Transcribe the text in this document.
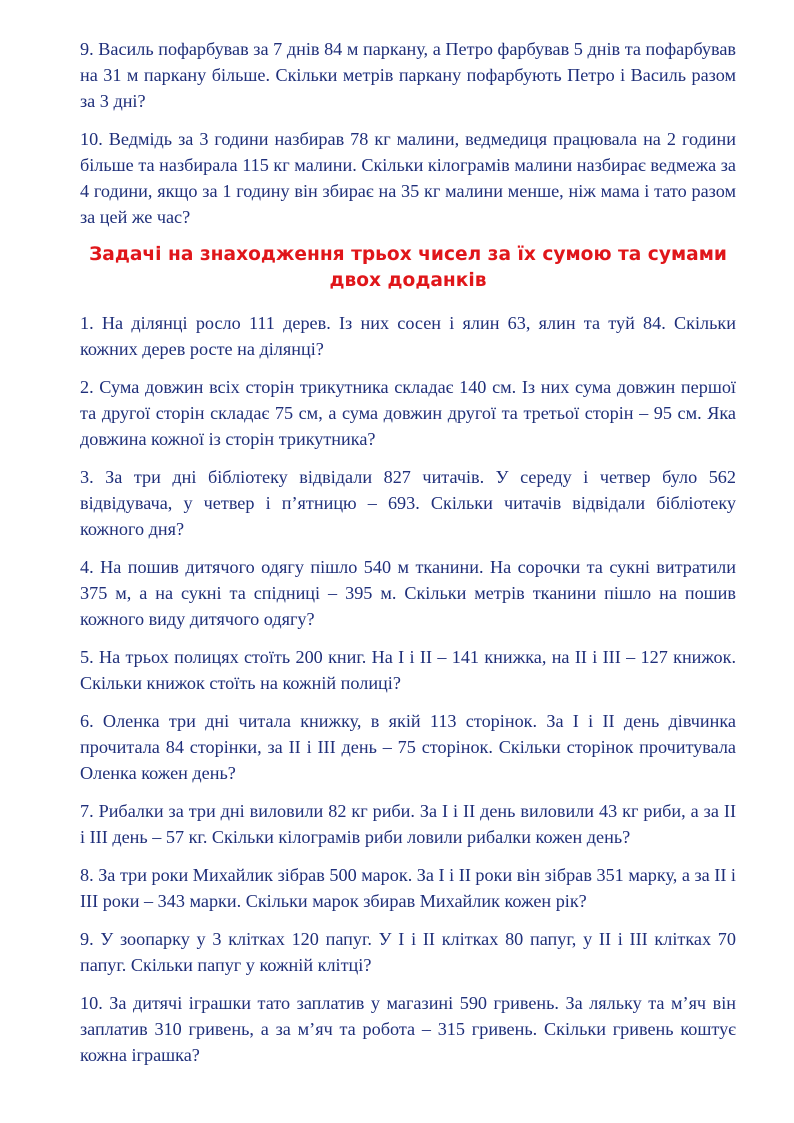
9. Василь пофарбував за 7 днів 84 м паркану, а Петро фарбував 5 днів та пофарбував на 31 м паркану більше. Скільки метрів паркану пофарбують Петро і Василь разом за 3 дні?

10. Ведмідь за 3 години назбирав 78 кг малини, ведмедиця працювала на 2 години більше та назбирала 115 кг малини. Скільки кілограмів малини назбирає ведмежа за 4 години, якщо за 1 годину він збирає на 35 кг малини менше, ніж мама і тато разом за цей же час?

Задачі на знаходження трьох чисел за їх сумою та сумами двох доданків

1. На ділянці росло 111 дерев. Із них сосен і ялин 63, ялин та туй 84. Скільки кожних дерев росте на ділянці?

2. Сума довжин всіх сторін трикутника складає 140 см. Із них сума довжин першої та другої сторін складає 75 см, а сума довжин другої та третьої сторін – 95 см. Яка довжина кожної із сторін трикутника?

3. За три дні бібліотеку відвідали 827 читачів. У середу і четвер було 562 відвідувача, у четвер і п’ятницю – 693. Скільки читачів відвідали бібліотеку кожного дня?

4. На пошив дитячого одягу пішло 540 м тканини. На сорочки та сукні витратили 375 м, а на сукні та спідниці – 395 м. Скільки метрів тканини пішло на пошив кожного виду дитячого одягу?

5. На трьох полицях стоїть 200 книг. На I і II – 141 книжка, на II і III – 127 книжок. Скільки книжок стоїть на кожній полиці?

6. Оленка три дні читала книжку, в якій 113 сторінок. За I і II день дівчинка прочитала 84 сторінки, за II і III день – 75 сторінок. Скільки сторінок прочитувала Оленка кожен день?

7. Рибалки за три дні виловили 82 кг риби. За I і II день виловили 43 кг риби, а за II і III день – 57 кг. Скільки кілограмів риби ловили рибалки кожен день?

8. За три роки Михайлик зібрав 500 марок. За I і II роки він зібрав 351 марку, а за II і III роки – 343 марки. Скільки марок збирав Михайлик кожен рік?

9. У зоопарку у 3 клітках 120 папуг. У I і II клітках 80 папуг, у II і III клітках 70 папуг. Скільки папуг у кожній клітці?

10. За дитячі іграшки тато заплатив у магазині 590 гривень. За ляльку та м’яч він заплатив 310 гривень, а за м’яч та робота – 315 гривень. Скільки гривень коштує кожна іграшка?
